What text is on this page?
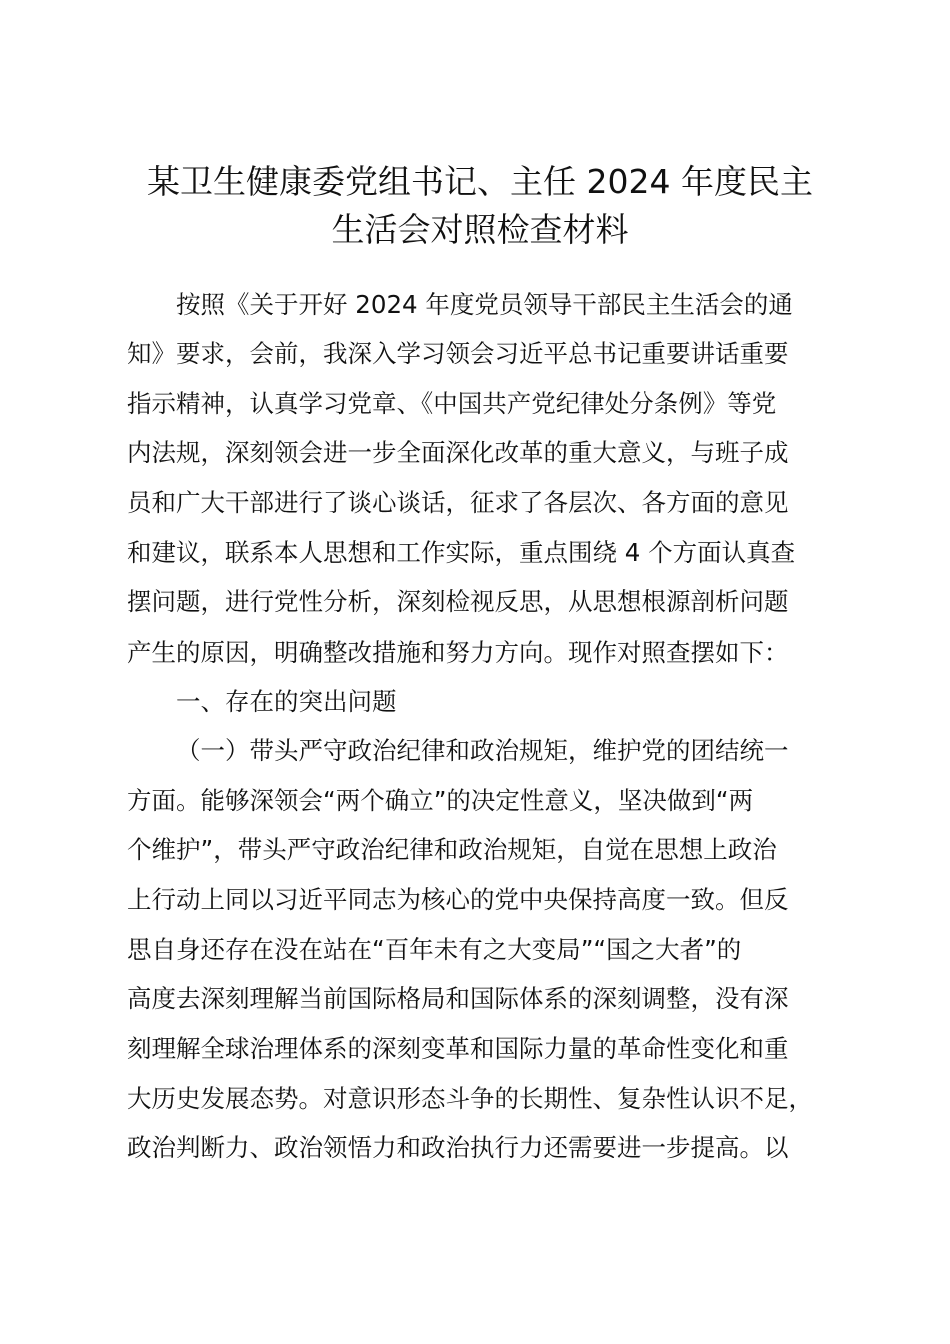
某卫生健康委党组书记、主任 2024 年度民主
生活会对照检查材料
按照《关于开好 2024 年度党员领导干部民主生活会的通
知》要求，会前，我深入学习领会习近平总书记重要讲话重要
指示精神，认真学习党章、《中国共产党纪律处分条例》等党
内法规，深刻领会进一步全面深化改革的重大意义，与班子成
员和广大干部进行了谈心谈话，征求了各层次、各方面的意见
和建议，联系本人思想和工作实际，重点围绕 4 个方面认真查
摆问题，进行党性分析，深刻检视反思，从思想根源剖析问题
产生的原因，明确整改措施和努力方向。现作对照查摆如下：
一、存在的突出问题
（一）带头严守政治纪律和政治规矩，维护党的团结统一
方面。能够深领会“两个确立”的决定性意义，坚决做到“两
个维护”，带头严守政治纪律和政治规矩，自觉在思想上政治
上行动上同以习近平同志为核心的党中央保持高度一致。但反
思自身还存在没在站在“百年未有之大变局”“国之大者”的
高度去深刻理解当前国际格局和国际体系的深刻调整，没有深
刻理解全球治理体系的深刻变革和国际力量的革命性变化和重
大历史发展态势。对意识形态斗争的长期性、复杂性认识不足，
政治判断力、政治领悟力和政治执行力还需要进一步提高。以
